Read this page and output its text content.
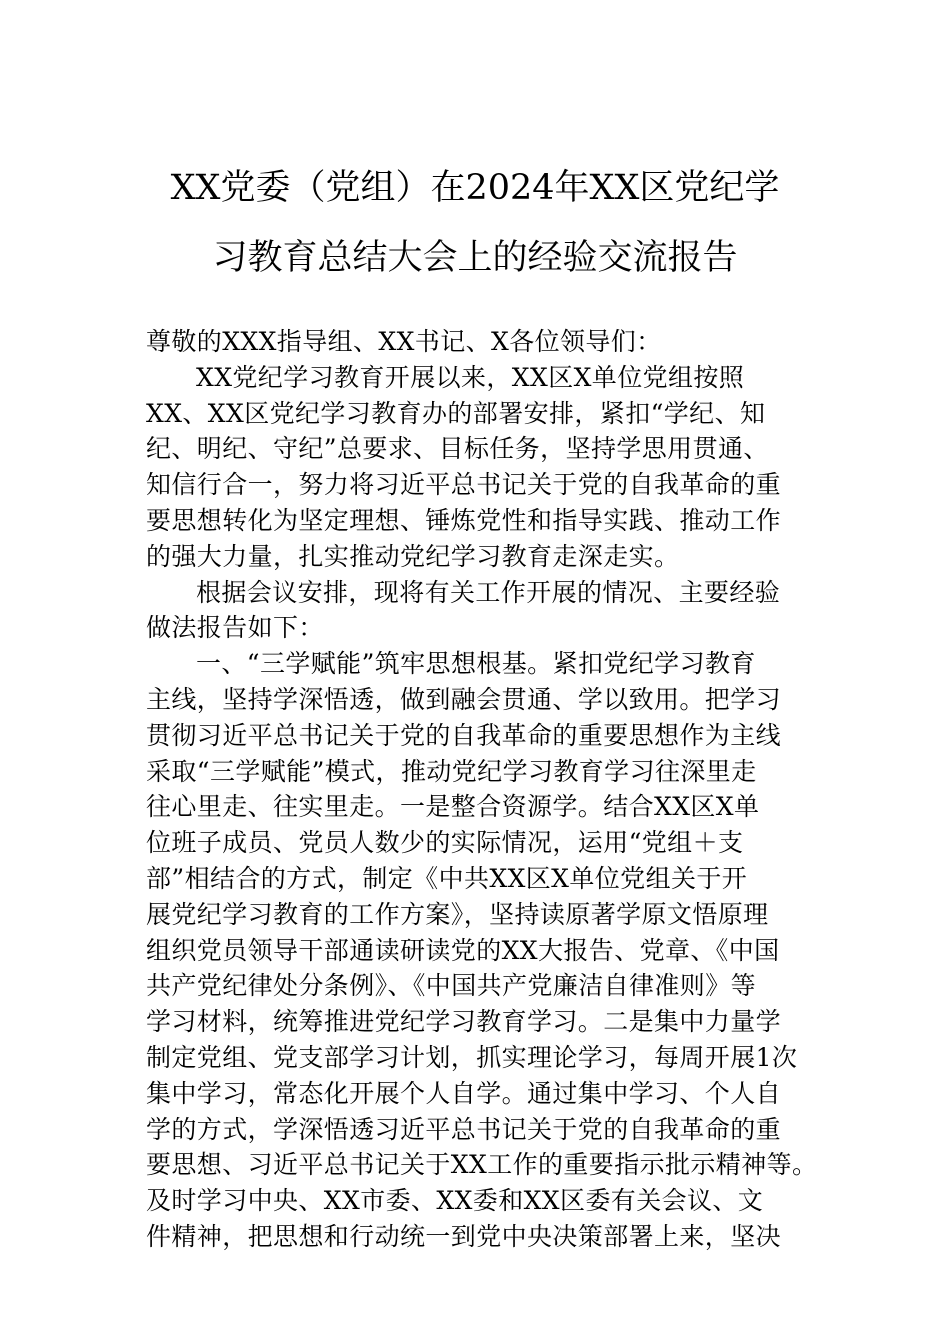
XX党委（党组）在2024年XX区党纪学
习教育总结大会上的经验交流报告
尊敬的XXX指导组、XX书记、X各位领导们：
XX党纪学习教育开展以来，XX区X单位党组按照
XX、XX区党纪学习教育办的部署安排，紧扣“学纪、知
纪、明纪、守纪”总要求、目标任务，坚持学思用贯通、
知信行合一，努力将习近平总书记关于党的自我革命的重
要思想转化为坚定理想、锤炼党性和指导实践、推动工作
的强大力量，扎实推动党纪学习教育走深走实。
根据会议安排，现将有关工作开展的情况、主要经验
做法报告如下：
一、“三学赋能”筑牢思想根基。紧扣党纪学习教育
主线，坚持学深悟透，做到融会贯通、学以致用。把学习
贯彻习近平总书记关于党的自我革命的重要思想作为主线
采取“三学赋能”模式，推动党纪学习教育学习往深里走
往心里走、往实里走。一是整合资源学。结合XX区X单
位班子成员、党员人数少的实际情况，运用“党组＋支
部”相结合的方式，制定《中共XX区X单位党组关于开
展党纪学习教育的工作方案》，坚持读原著学原文悟原理
组织党员领导干部通读研读党的XX大报告、党章、《中国
共产党纪律处分条例》、《中国共产党廉洁自律准则》等
学习材料，统筹推进党纪学习教育学习。二是集中力量学
制定党组、党支部学习计划，抓实理论学习，每周开展1次
集中学习，常态化开展个人自学。通过集中学习、个人自
学的方式，学深悟透习近平总书记关于党的自我革命的重
要思想、习近平总书记关于XX工作的重要指示批示精神等。
及时学习中央、XX市委、XX委和XX区委有关会议、文
件精神，把思想和行动统一到党中央决策部署上来，坚决
